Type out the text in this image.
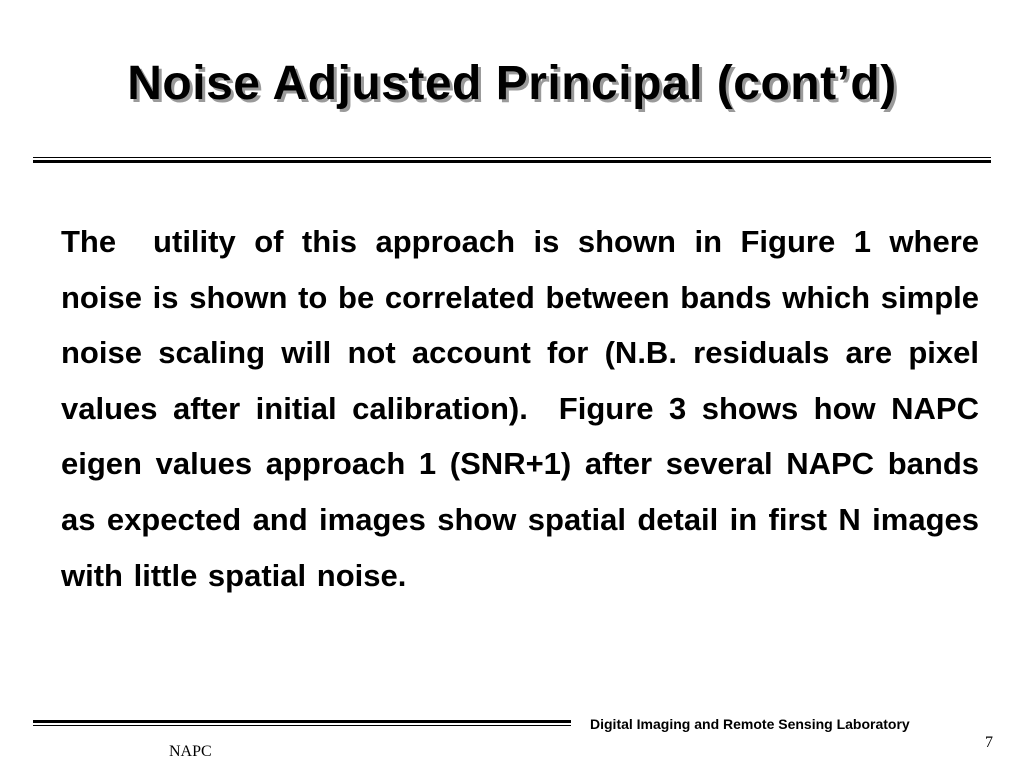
Noise Adjusted Principal (cont’d)

The  utility of this approach is shown in Figure 1 where noise is shown to be correlated between bands which simple noise scaling will not account for (N.B. residuals are pixel values after initial calibration).  Figure 3 shows how NAPC eigen values approach 1 (SNR+1) after several NAPC bands as expected and images show spatial detail in first N images with little spatial noise.

Digital Imaging and Remote Sensing Laboratory
7
NAPC
